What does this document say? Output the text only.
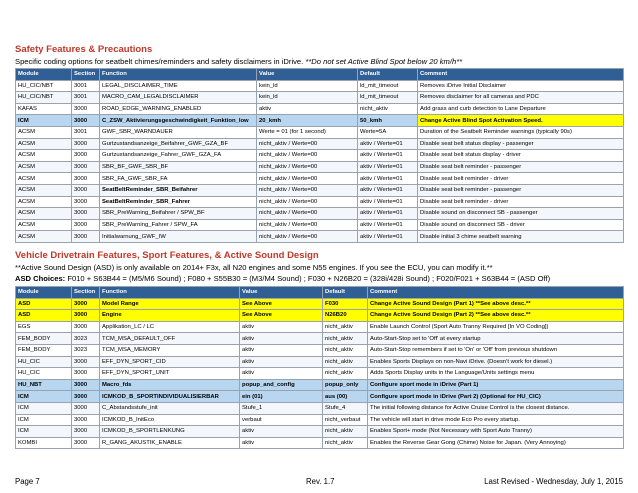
Safety Features & Precautions
Specific coding options for seatbelt chimes/reminders and safety disclaimers in iDrive. **Do not set Active Blind Spot below 20 km/h**
Module	Section	Function	Value	Default	Comment
HU_CIC/NBT	3001	LEGAL_DISCLAIMER_TIME	kein_ld	ld_mit_timeout	Removes iDrive Initial Disclaimer
HU_CIC/NBT	3001	MACRO_CAM_LEGALDISCLAIMER	kein_ld	ld_mit_timeout	Removes disclaimer for all cameras and PDC
KAFAS	3000	ROAD_EDGE_WARNING_ENABLED	aktiv	nicht_aktiv	Add grass and curb detection to Lane Departure
ICM	3000	C_ZSW_Aktivierungsgeschwindigkeit_Funktion_low	20_kmh	50_kmh	Change Active Blind Spot Activation Speed.
ACSM	3001	GWF_SBR_WARNDAUER	Werte = 01 (for 1 second)	Werte=5A	Duration of the Seatbelt Reminder warnings (typically 90s)
ACSM	3000	Gurtzustandsanzeige_Beifahrer_GWF_GZA_BF	nicht_aktiv / Werte=00	aktiv / Werte=01	Disable seat belt status display - passenger
ACSM	3000	Gurtzustandsanzeige_Fahrer_GWF_GZA_FA	nicht_aktiv / Werte=00	aktiv / Werte=01	Disable seat belt status display - driver
ACSM	3000	SBR_BF_GWF_SBR_BF	nicht_aktiv / Werte=00	aktiv / Werte=01	Disable seat belt reminder - passenger
ACSM	3000	SBR_FA_GWF_SBR_FA	nicht_aktiv / Werte=00	aktiv / Werte=01	Disable seat belt reminder - driver
ACSM	3000	SeatBeltReminder_SBR_Beifahrer	nicht_aktiv / Werte=00	aktiv / Werte=01	Disable seat belt reminder - passenger
ACSM	3000	SeatBeltReminder_SBR_Fahrer	nicht_aktiv / Werte=00	aktiv / Werte=01	Disable seat belt reminder - driver
ACSM	3000	SBR_PreWarning_Beifahrer / SPW_BF	nicht_aktiv / Werte=00	aktiv / Werte=01	Disable sound on disconnect SB - passenger
ACSM	3000	SBR_PreWarning_Fahrer / SPW_FA	nicht_aktiv / Werte=00	aktiv / Werte=01	Disable sound on disconnect SB - driver
ACSM	3000	Initialwarnung_GWF_IW	nicht_aktiv / Werte=00	aktiv / Werte=01	Disable initial 3 chime seatbelt warning
Vehicle Drivetrain Features, Sport Features, & Active Sound Design
**Active Sound Design (ASD) is only available on 2014+ F3x, all N20 engines and some N55 engines. If you see the ECU, you can modify it.**
ASD Choices: F010 + S63B44 = (M5/M6 Sound) ; F080 + S55B30 = (M3/M4 Sound) ; F030 + N26B20 = (328i/428i Sound) ; F020/F021 + S63B44 = (ASD Off)
Module	Section	Function	Value	Default	Comment
ASD	3000	Model Range	See Above	F030	Change Active Sound Design (Part 1) **See above desc.**
ASD	3000	Engine	See Above	N26B20	Change Active Sound Design (Part 2) **See above desc.**
EGS	3000	Applikation_LC / LC	aktiv	nicht_aktiv	Enable Launch Control (Sport Auto Tranny Required [In VO Coding])
FEM_BODY	3023	TCM_MSA_DEFAULT_OFF	aktiv	nicht_aktiv	Auto-Start-Stop set to 'Off' at every startup
FEM_BODY	3023	TCM_MSA_MEMORY	aktiv	nicht_aktiv	Auto-Start-Stop remembers if set to 'On' or 'Off' from previous shutdown
HU_CIC	3000	EFF_DYN_SPORT_CID	aktiv	nicht_aktiv	Enables Sports Displays on non-Navi iDrive. (Doesn't work for diesel.)
HU_CIC	3000	EFF_DYN_SPORT_UNIT	aktiv	nicht_aktiv	Adds Sports Display units in the Language/Units settings menu
HU_NBT	3000	Macro_fds	popup_and_config	popup_only	Configure sport mode in iDrive (Part 1)
ICM	3000	ICMKOD_B_SPORTINDIVIDUALISIERBAR	ein (01)	aus (00)	Configure sport mode in iDrive (Part 2) (Optional for HU_CIC)
ICM	3000	C_Abstandsstufe_init	Stufe_1	Stufe_4	The initial following distance for Active Cruise Control is the closest distance.
ICM	3000	ICMKOD_B_InitEco	verbaut	nicht_verbaut	The vehicle will start in drive mode Eco Pro every startup.
ICM	3000	ICMKOD_B_SPORTLENKUNG	aktiv	nicht_aktiv	Enables Sport+ mode (Not Necessary with Sport Auto Tranny)
KOMBI	3000	R_GANG_AKUSTIK_ENABLE	aktiv	nicht_aktiv	Enables the Reverse Gear Gong (Chime) Noise for Japan. (Very Annoying)
Page 7	Rev. 1.7	Last Revised - Wednesday, July 1, 2015
